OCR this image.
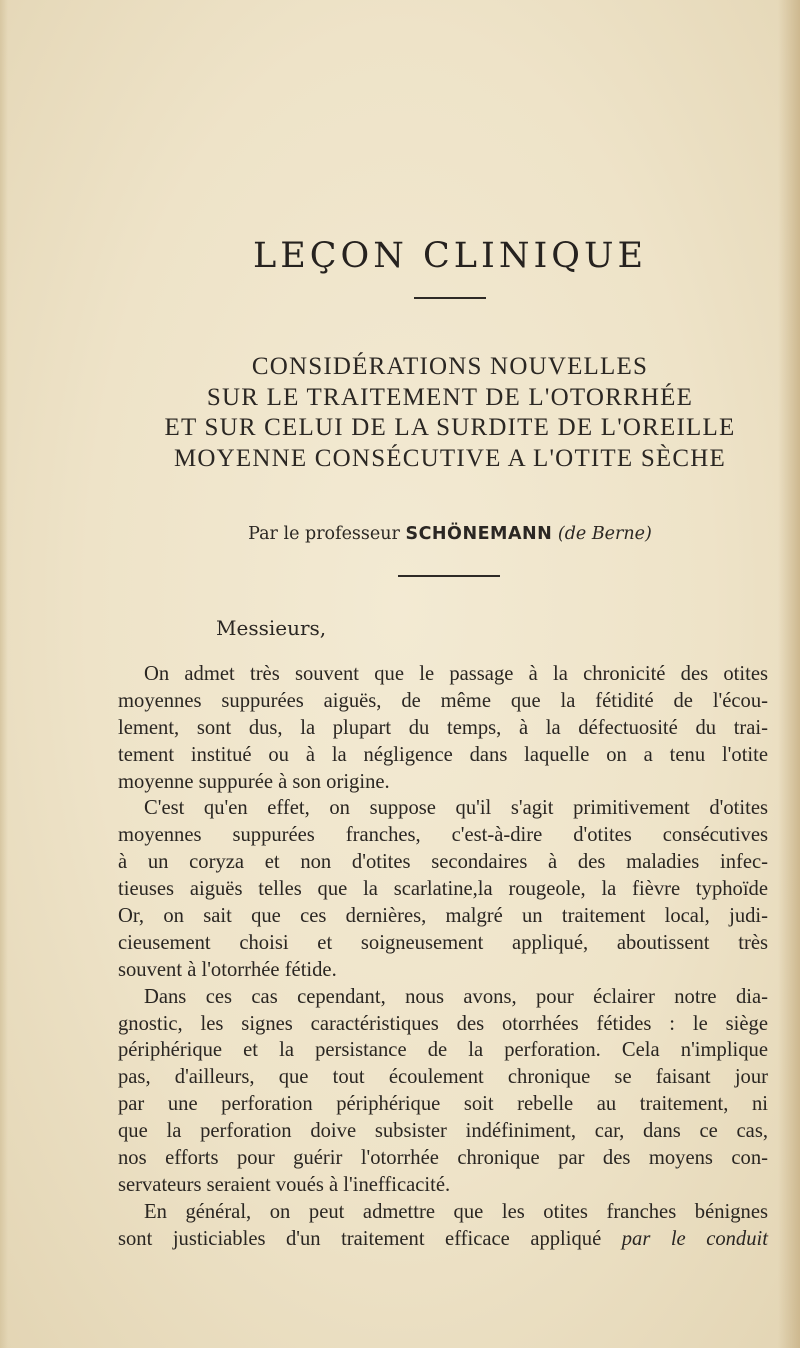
LEÇON CLINIQUE
CONSIDÉRATIONS NOUVELLES
SUR LE TRAITEMENT DE L'OTORRHÉE
ET SUR CELUI DE LA SURDITE DE L'OREILLE
MOYENNE CONSÉCUTIVE A L'OTITE SÈCHE
Par le professeur SCHÖNEMANN (de Berne)
Messieurs,
On admet très souvent que le passage à la chronicité des otites
moyennes suppurées aiguës, de même que la fétidité de l'écou-
lement, sont dus, la plupart du temps, à la défectuosité du trai-
tement institué ou à la négligence dans laquelle on a tenu l'otite
moyenne suppurée à son origine.
C'est qu'en effet, on suppose qu'il s'agit primitivement d'otites
moyennes suppurées franches, c'est-à-dire d'otites consécutives
à un coryza et non d'otites secondaires à des maladies infec-
tieuses aiguës telles que la scarlatine,la rougeole, la fièvre typhoïde
Or, on sait que ces dernières, malgré un traitement local, judi-
cieusement choisi et soigneusement appliqué, aboutissent très
souvent à l'otorrhée fétide.
Dans ces cas cependant, nous avons, pour éclairer notre dia-
gnostic, les signes caractéristiques des otorrhées fétides : le siège
périphérique et la persistance de la perforation. Cela n'implique
pas, d'ailleurs, que tout écoulement chronique se faisant jour
par une perforation périphérique soit rebelle au traitement, ni
que la perforation doive subsister indéfiniment, car, dans ce cas,
nos efforts pour guérir l'otorrhée chronique par des moyens con-
servateurs seraient voués à l'inefficacité.
En général, on peut admettre que les otites franches bénignes
sont justiciables d'un traitement efficace appliqué par le conduit
